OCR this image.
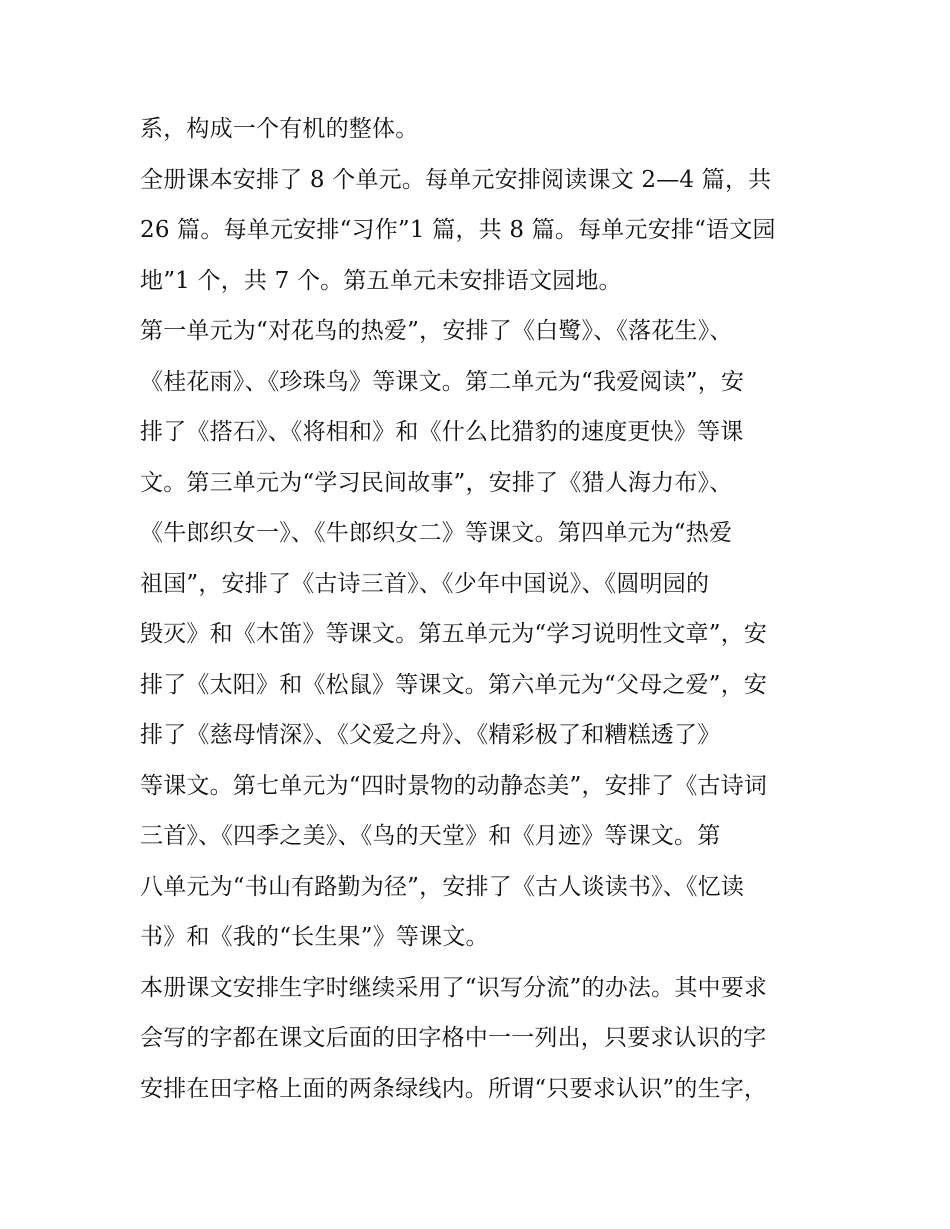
系，构成一个有机的整体。
全册课本安排了 8 个单元。每单元安排阅读课文 2—4 篇，共
26 篇。每单元安排“习作”1 篇，共 8 篇。每单元安排“语文园
地”1 个，共 7 个。第五单元未安排语文园地。
第一单元为“对花鸟的热爱”，安排了《白鹭》、《落花生》、
《桂花雨》、《珍珠鸟》等课文。第二单元为“我爱阅读”，安
排了《搭石》、《将相和》和《什么比猎豹的速度更快》等课
文。第三单元为“学习民间故事”，安排了《猎人海力布》、
《牛郎织女一》、《牛郎织女二》等课文。第四单元为“热爱
祖国”，安排了《古诗三首》、《少年中国说》、《圆明园的
毁灭》和《木笛》等课文。第五单元为“学习说明性文章”，安
排了《太阳》和《松鼠》等课文。第六单元为“父母之爱”，安
排了《慈母情深》、《父爱之舟》、《精彩极了和糟糕透了》
等课文。第七单元为“四时景物的动静态美”，安排了《古诗词
三首》、《四季之美》、《鸟的天堂》和《月迹》等课文。第
八单元为“书山有路勤为径”，安排了《古人谈读书》、《忆读
书》和《我的“长生果”》等课文。
本册课文安排生字时继续采用了“识写分流”的办法。其中要求
会写的字都在课文后面的田字格中一一列出，只要求认识的字
安排在田字格上面的两条绿线内。所谓“只要求认识”的生字，
